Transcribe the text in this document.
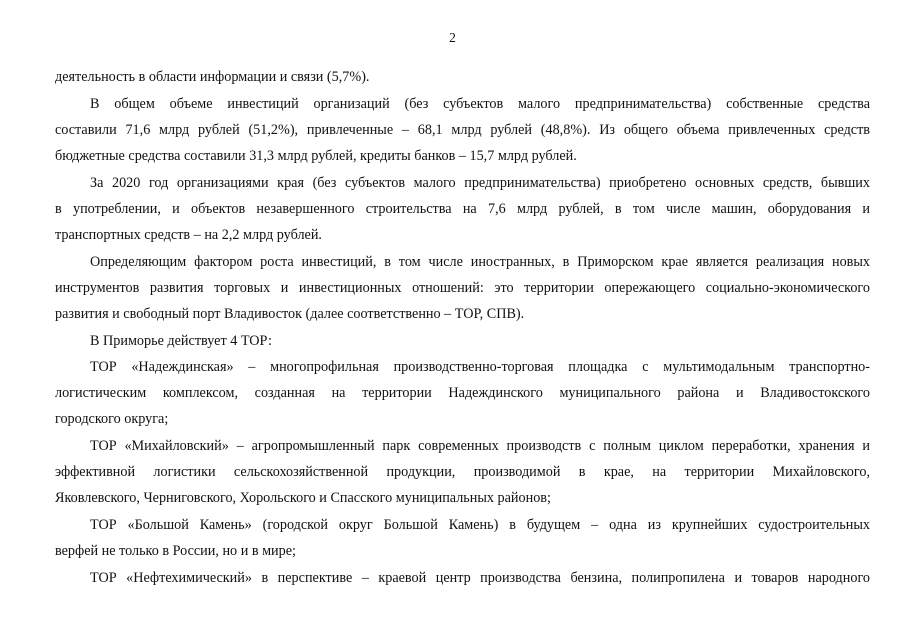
2
деятельность в области информации и связи (5,7%).
В общем объеме инвестиций организаций (без субъектов малого предпринимательства) собственные средства
составили 71,6 млрд рублей (51,2%), привлеченные – 68,1 млрд рублей (48,8%). Из общего объема привлеченных средств
бюджетные средства составили 31,3 млрд рублей, кредиты банков – 15,7 млрд рублей.
За 2020 год организациями края (без субъектов малого предпринимательства) приобретено основных средств, бывших
в употреблении, и объектов незавершенного строительства на 7,6 млрд рублей, в том числе машин, оборудования и
транспортных средств – на 2,2 млрд рублей.
Определяющим фактором роста инвестиций, в том числе иностранных, в Приморском крае является реализация новых
инструментов развития торговых и инвестиционных отношений: это территории опережающего социально-экономического
развития и свободный порт Владивосток (далее соответственно – ТОР, СПВ).
В Приморье действует 4 ТОР:
ТОР «Надеждинская» – многопрофильная производственно-торговая площадка с мультимодальным транспортно-
логистическим комплексом, созданная на территории Надеждинского муниципального района и Владивостокского
городского округа;
ТОР «Михайловский» – агропромышленный парк современных производств с полным циклом переработки, хранения и
эффективной логистики сельскохозяйственной продукции, производимой в крае, на территории Михайловского,
Яковлевского, Черниговского, Хорольского и Спасского муниципальных районов;
ТОР «Большой Камень» (городской округ Большой Камень) в будущем – одна из крупнейших судостроительных
верфей не только в России, но и в мире;
ТОР «Нефтехимический» в перспективе – краевой центр производства бензина, полипропилена и товаров народного
